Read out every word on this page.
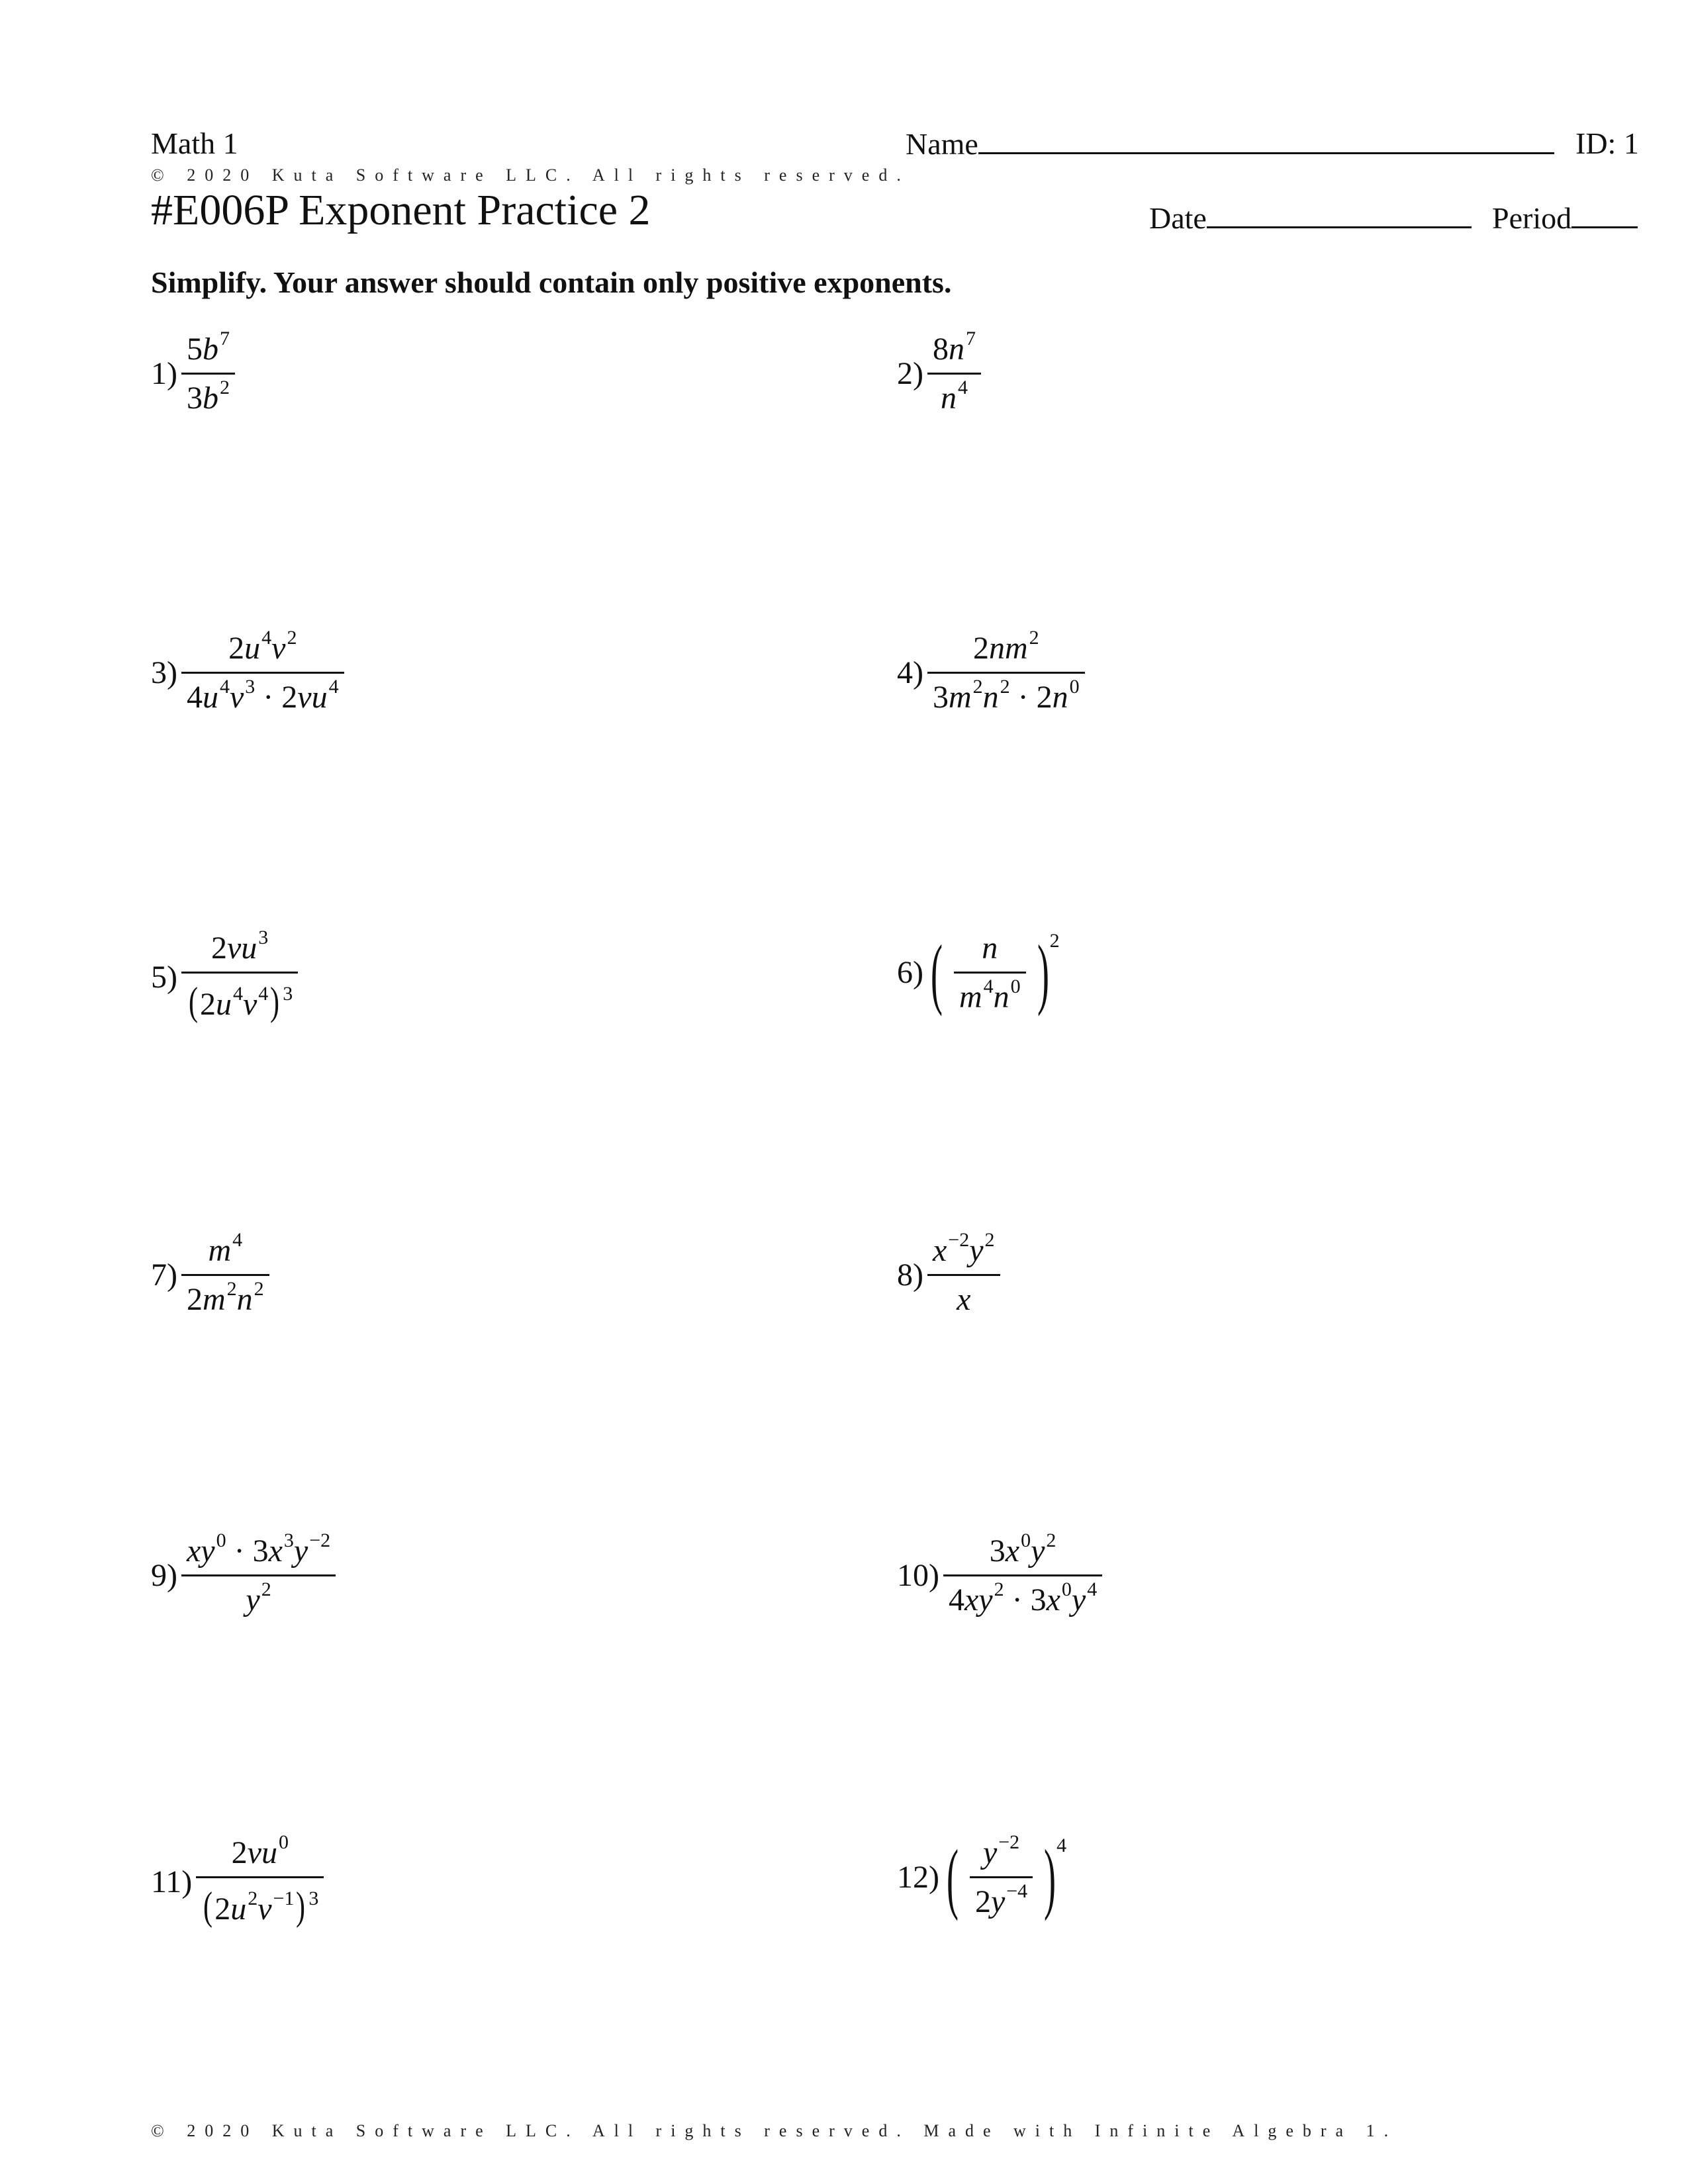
Math 1	Name	ID: 1
© 2020 Kuta Software LLC. All rights reserved.
#E006P Exponent Practice 2	Date	Period
Simplify. Your answer should contain only positive exponents.
$1) \frac{5b^7}{3b^2}$	$2) \frac{8n^7}{n^4}$
$3) \frac{2u^4v^2}{4u^4v^3 \cdot 2vu^4}$	$4) \frac{2nm^2}{3m^2n^2 \cdot 2n^0}$
$5) \frac{2vu^3}{(2u^4v^4) ^3}$	6) ( $\frac{n}{m^4n^0}$ ) 2
$7) \frac{m^4}{2m^2n^2}$	$8) \frac{x^{-2}y^2}{x}$
$9) \frac{xy^0 \cdot 3x^3y^{-2}}{y^2}$	$10) \frac{3x^0y^2}{4xy^2 \cdot 3x^0y^4}$
$11) \frac{2vu^0}{(2u^2v^{-1}) ^3}$	12) ( $\frac{y^{-2}}{2y^{-4}}$ ) 4
© 2020 Kuta Software LLC. All rights reserved. Made with Infinite Algebra 1.
